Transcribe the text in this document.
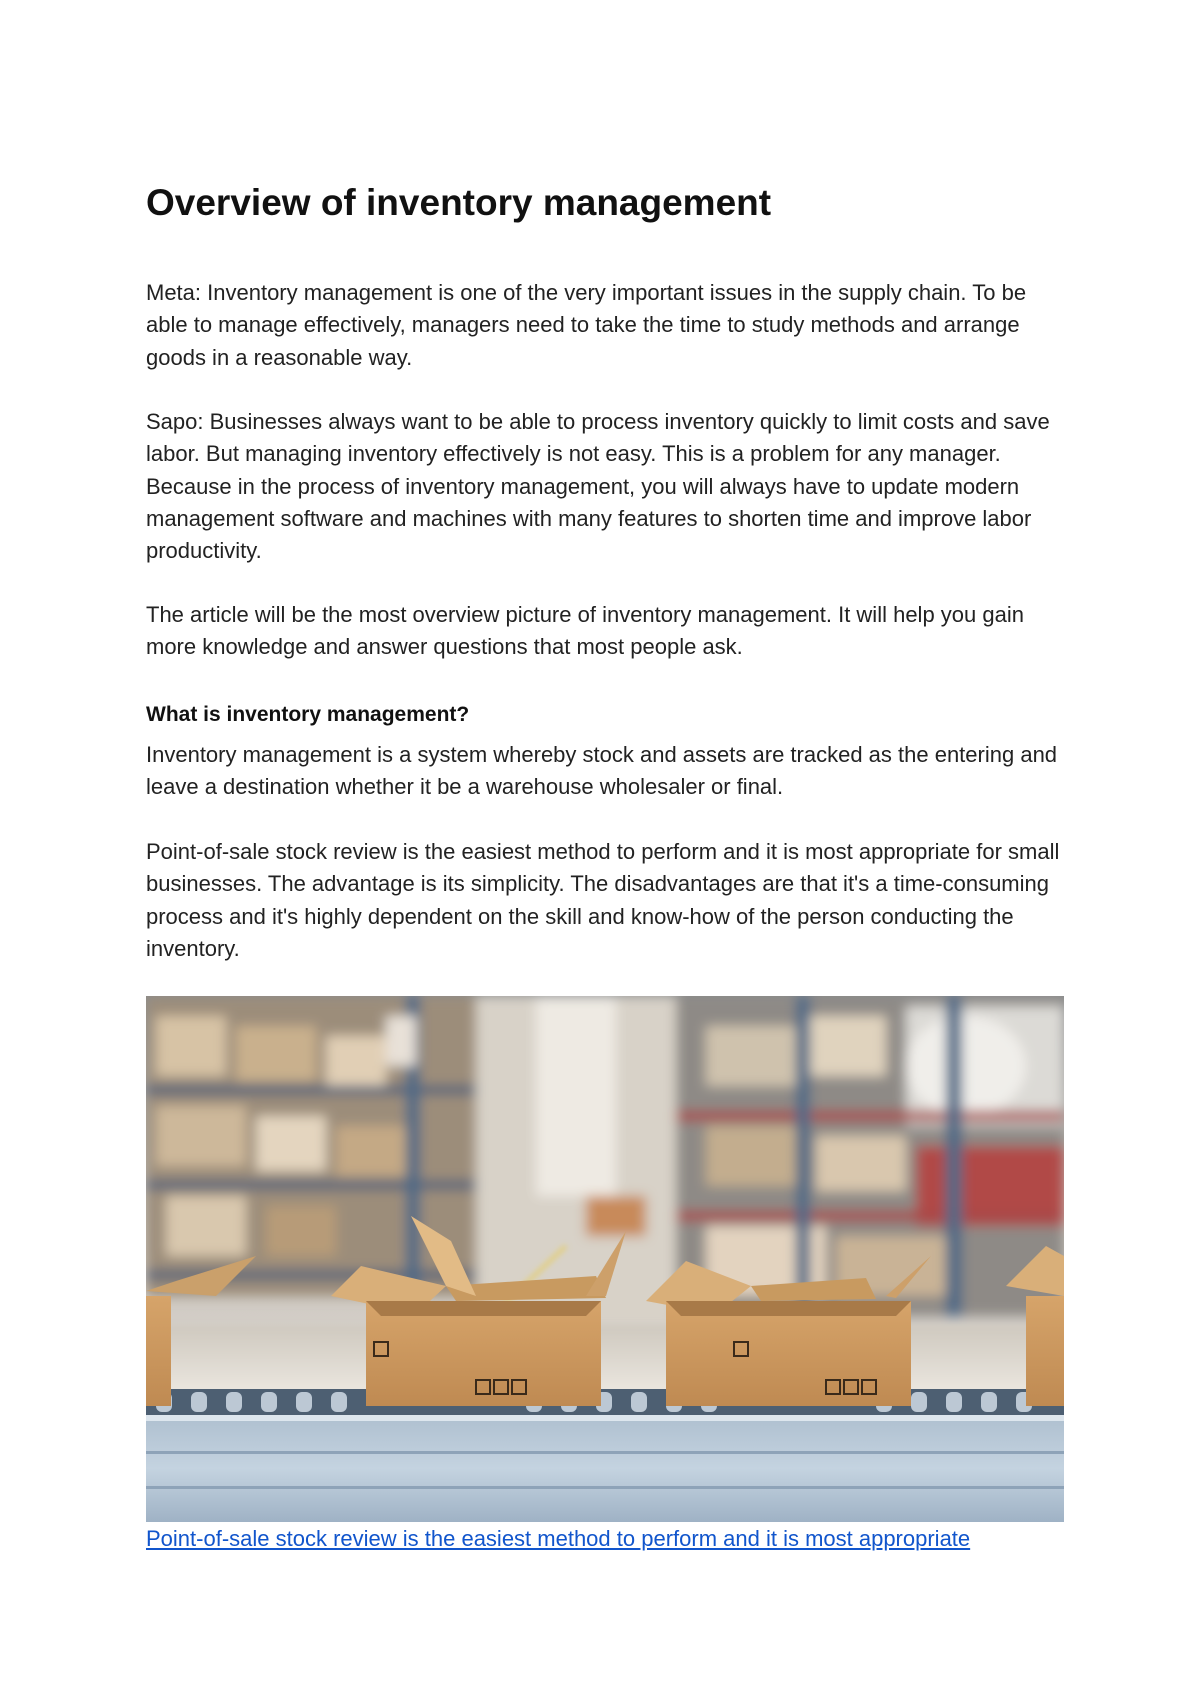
Overview of inventory management

Meta: Inventory management is one of the very important issues in the supply chain. To be able to manage effectively, managers need to take the time to study methods and arrange goods in a reasonable way.

Sapo: Businesses always want to be able to process inventory quickly to limit costs and save labor. But managing inventory effectively is not easy. This is a problem for any manager. Because in the process of inventory management, you will always have to update modern management software and machines with many features to shorten time and improve labor productivity.

The article will be the most overview picture of inventory management. It will help you gain more knowledge and answer questions that most people ask.

What is inventory management?

Inventory management is a system whereby stock and assets are tracked as the entering and leave a destination whether it be a warehouse wholesaler or final.

Point-of-sale stock review is the easiest method to perform and it is most appropriate for small businesses. The advantage is its simplicity. The disadvantages are that it's a time-consuming process and it's highly dependent on the skill and know-how of the person conducting the inventory.

Point-of-sale stock review is the easiest method to perform and it is most appropriate
